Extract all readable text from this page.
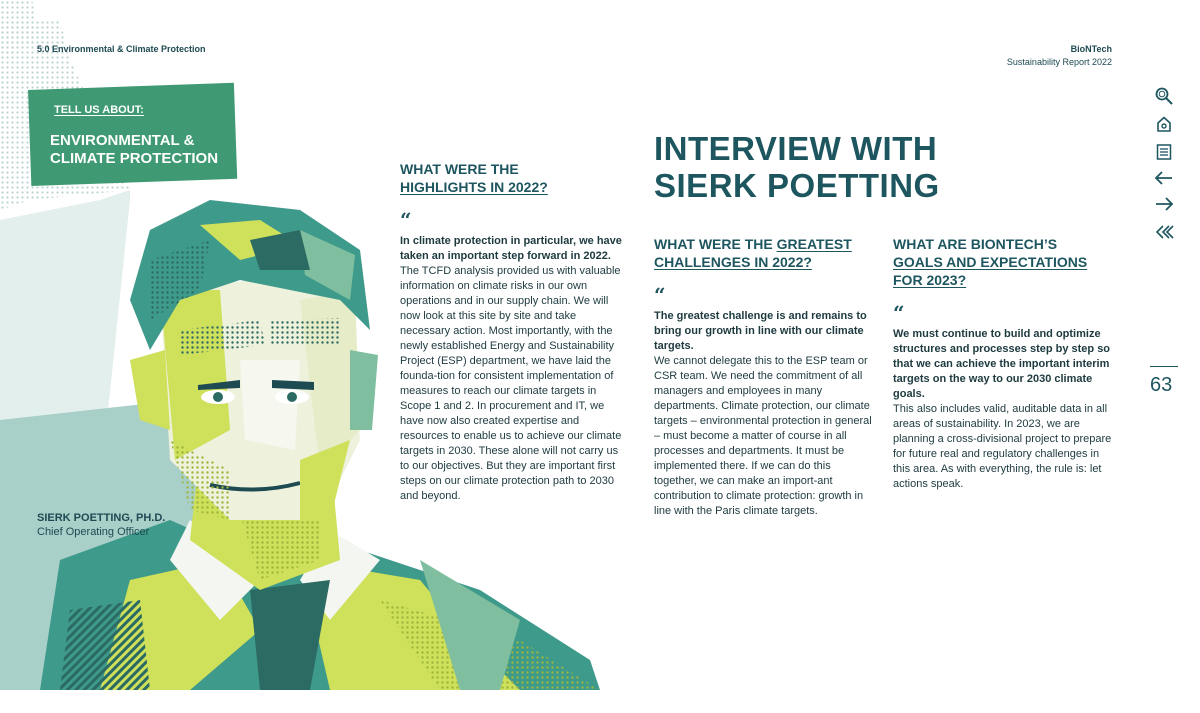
TELL US ABOUT:
ENVIRONMENTAL & CLIMATE PROTECTION
5.0 Environmental & Climate Protection	BioNTech
Sustainability Report 2022
SIERK POETTING, PH.D.
Chief Operating Officer
INTERVIEW WITH
SIERK POETTING
WHAT WERE THE
HIGHLIGHTS IN 2022?
“
In climate protection in particular, we have taken an important step forward in 2022.
The TCFD analysis provided us with valuable information on climate risks in our own operations and in our supply chain. We will now look at this site by site and take necessary action. Most importantly, with the newly established Energy and Sustainability Project (ESP) department, we have laid the founda-tion for consistent implementation of measures to reach our climate targets in Scope 1 and 2. In procurement and IT, we have now also created expertise and resources to enable us to achieve our climate targets in 2030. These alone will not carry us to our objectives. But they are important first steps on our climate protection path to 2030 and beyond.
WHAT WERE THE GREATEST
CHALLENGES IN 2022?
“
The greatest challenge is and remains to bring our growth in line with our climate targets.
We cannot delegate this to the ESP team or CSR team. We need the commitment of all managers and employees in many departments. Climate protection, our climate targets – environmental protection in general – must become a matter of course in all processes and departments. It must be implemented there. If we can do this together, we can make an import-ant contribution to climate protection: growth in line with the Paris climate targets.
WHAT ARE BIONTECH’S
GOALS AND EXPECTATIONS
FOR 2023?
“
We must continue to build and optimize structures and processes step by step so that we can achieve the important interim targets on the way to our 2030 climate goals.
This also includes valid, auditable data in all areas of sustainability. In 2023, we are planning a cross-divisional project to prepare for future real and regulatory challenges in this area. As with everything, the rule is: let actions speak.
63
